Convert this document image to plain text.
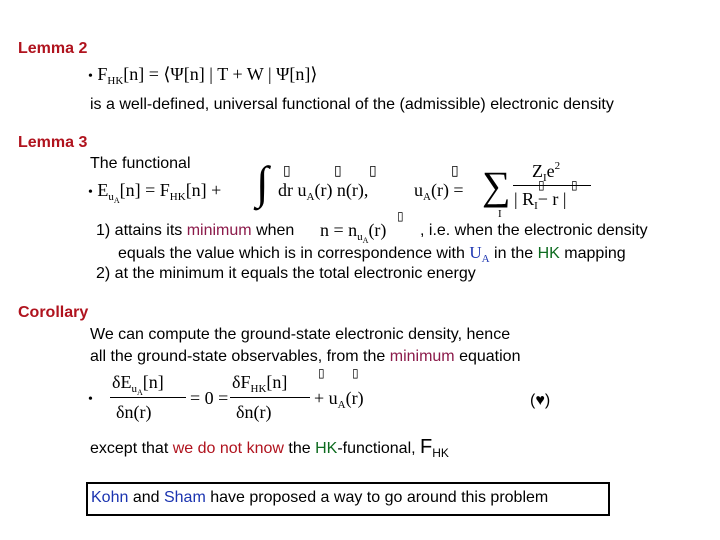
Lemma 2
• $F_{HK}[n]$ = ⟨Ψ[n] | T + W | Ψ[n]⟩
is a well-defined, universal functional of the (admissible) electronic density
Lemma 3
The functional	▯	▯ ▯	▯
• $E_{u_A}[n] = F_{HK}[n]$ + ∫ dr $u_A(r)$ n(r),	$u_A(r)$ = ∑
I
$Z_Ie^2$
| $R_I- r$ |
▯ ▯
1) attains its minimum when $n = n_{u_A}(r)$
▯
, i.e. when the electronic density
equals the value which is in correspondence with $U_A$ in the HK mapping
2) at the minimum it equals the total electronic energy
Corollary
We can compute the ground-state electronic density, hence
all the ground-state observables, from the minimum equation
•
$\delta E_{u_A}[n]$
δn(r)
= 0 =
$\delta F_{HK}[n]$
δn(r)
+ $u_A(r)$
▯ ▯
(♥)
except that we do not know the HK-functional, $F_{HK}$
Kohn and Sham have proposed a way to go around this problem
